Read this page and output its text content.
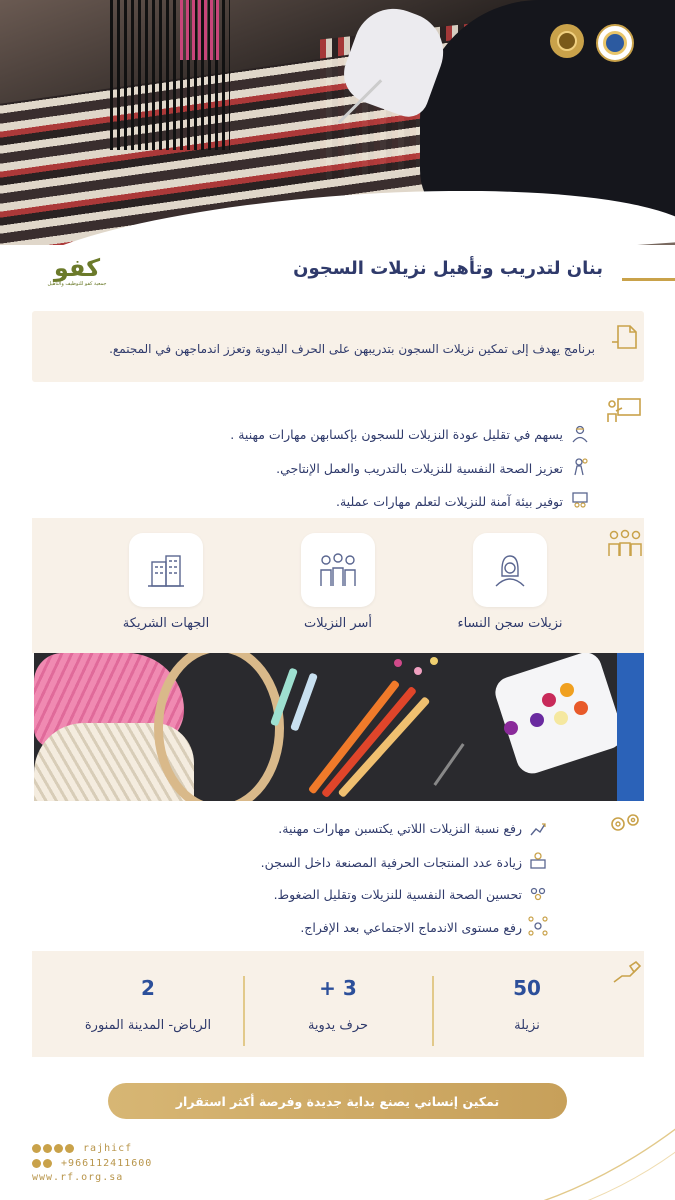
كفو
جمعية كفو للتوظيف والتأهيل
بنان لتدريب وتأهيل نزيلات السجون
برنامج يهدف إلى تمكين نزيلات السجون بتدريبهن على الحرف اليدوية وتعزز اندماجهن في المجتمع.
يسهم في تقليل عودة النزيلات للسجون بإكسابهن مهارات مهنية .
تعزيز الصحة النفسية للنزيلات بالتدريب والعمل الإنتاجي.
توفير بيئة آمنة للنزيلات لتعلم مهارات عملية.
نزيلات سجن النساء
أسر النزيلات
الجهات الشريكة
رفع نسبة النزيلات اللاتي يكتسبن مهارات مهنية.
زيادة عدد المنتجات الحرفية المصنعة داخل السجن.
تحسين الصحة النفسية للنزيلات وتقليل الضغوط.
رفع مستوى الاندماج الاجتماعي بعد الإفراج.
50
نزيلة
+ 3
حرف يدوية
2
الرياض- المدينة المنورة
تمكين إنساني يصنع بداية جديدة وفرصة أكثر استقرار
rajhicf
+966112411600
www.rf.org.sa
